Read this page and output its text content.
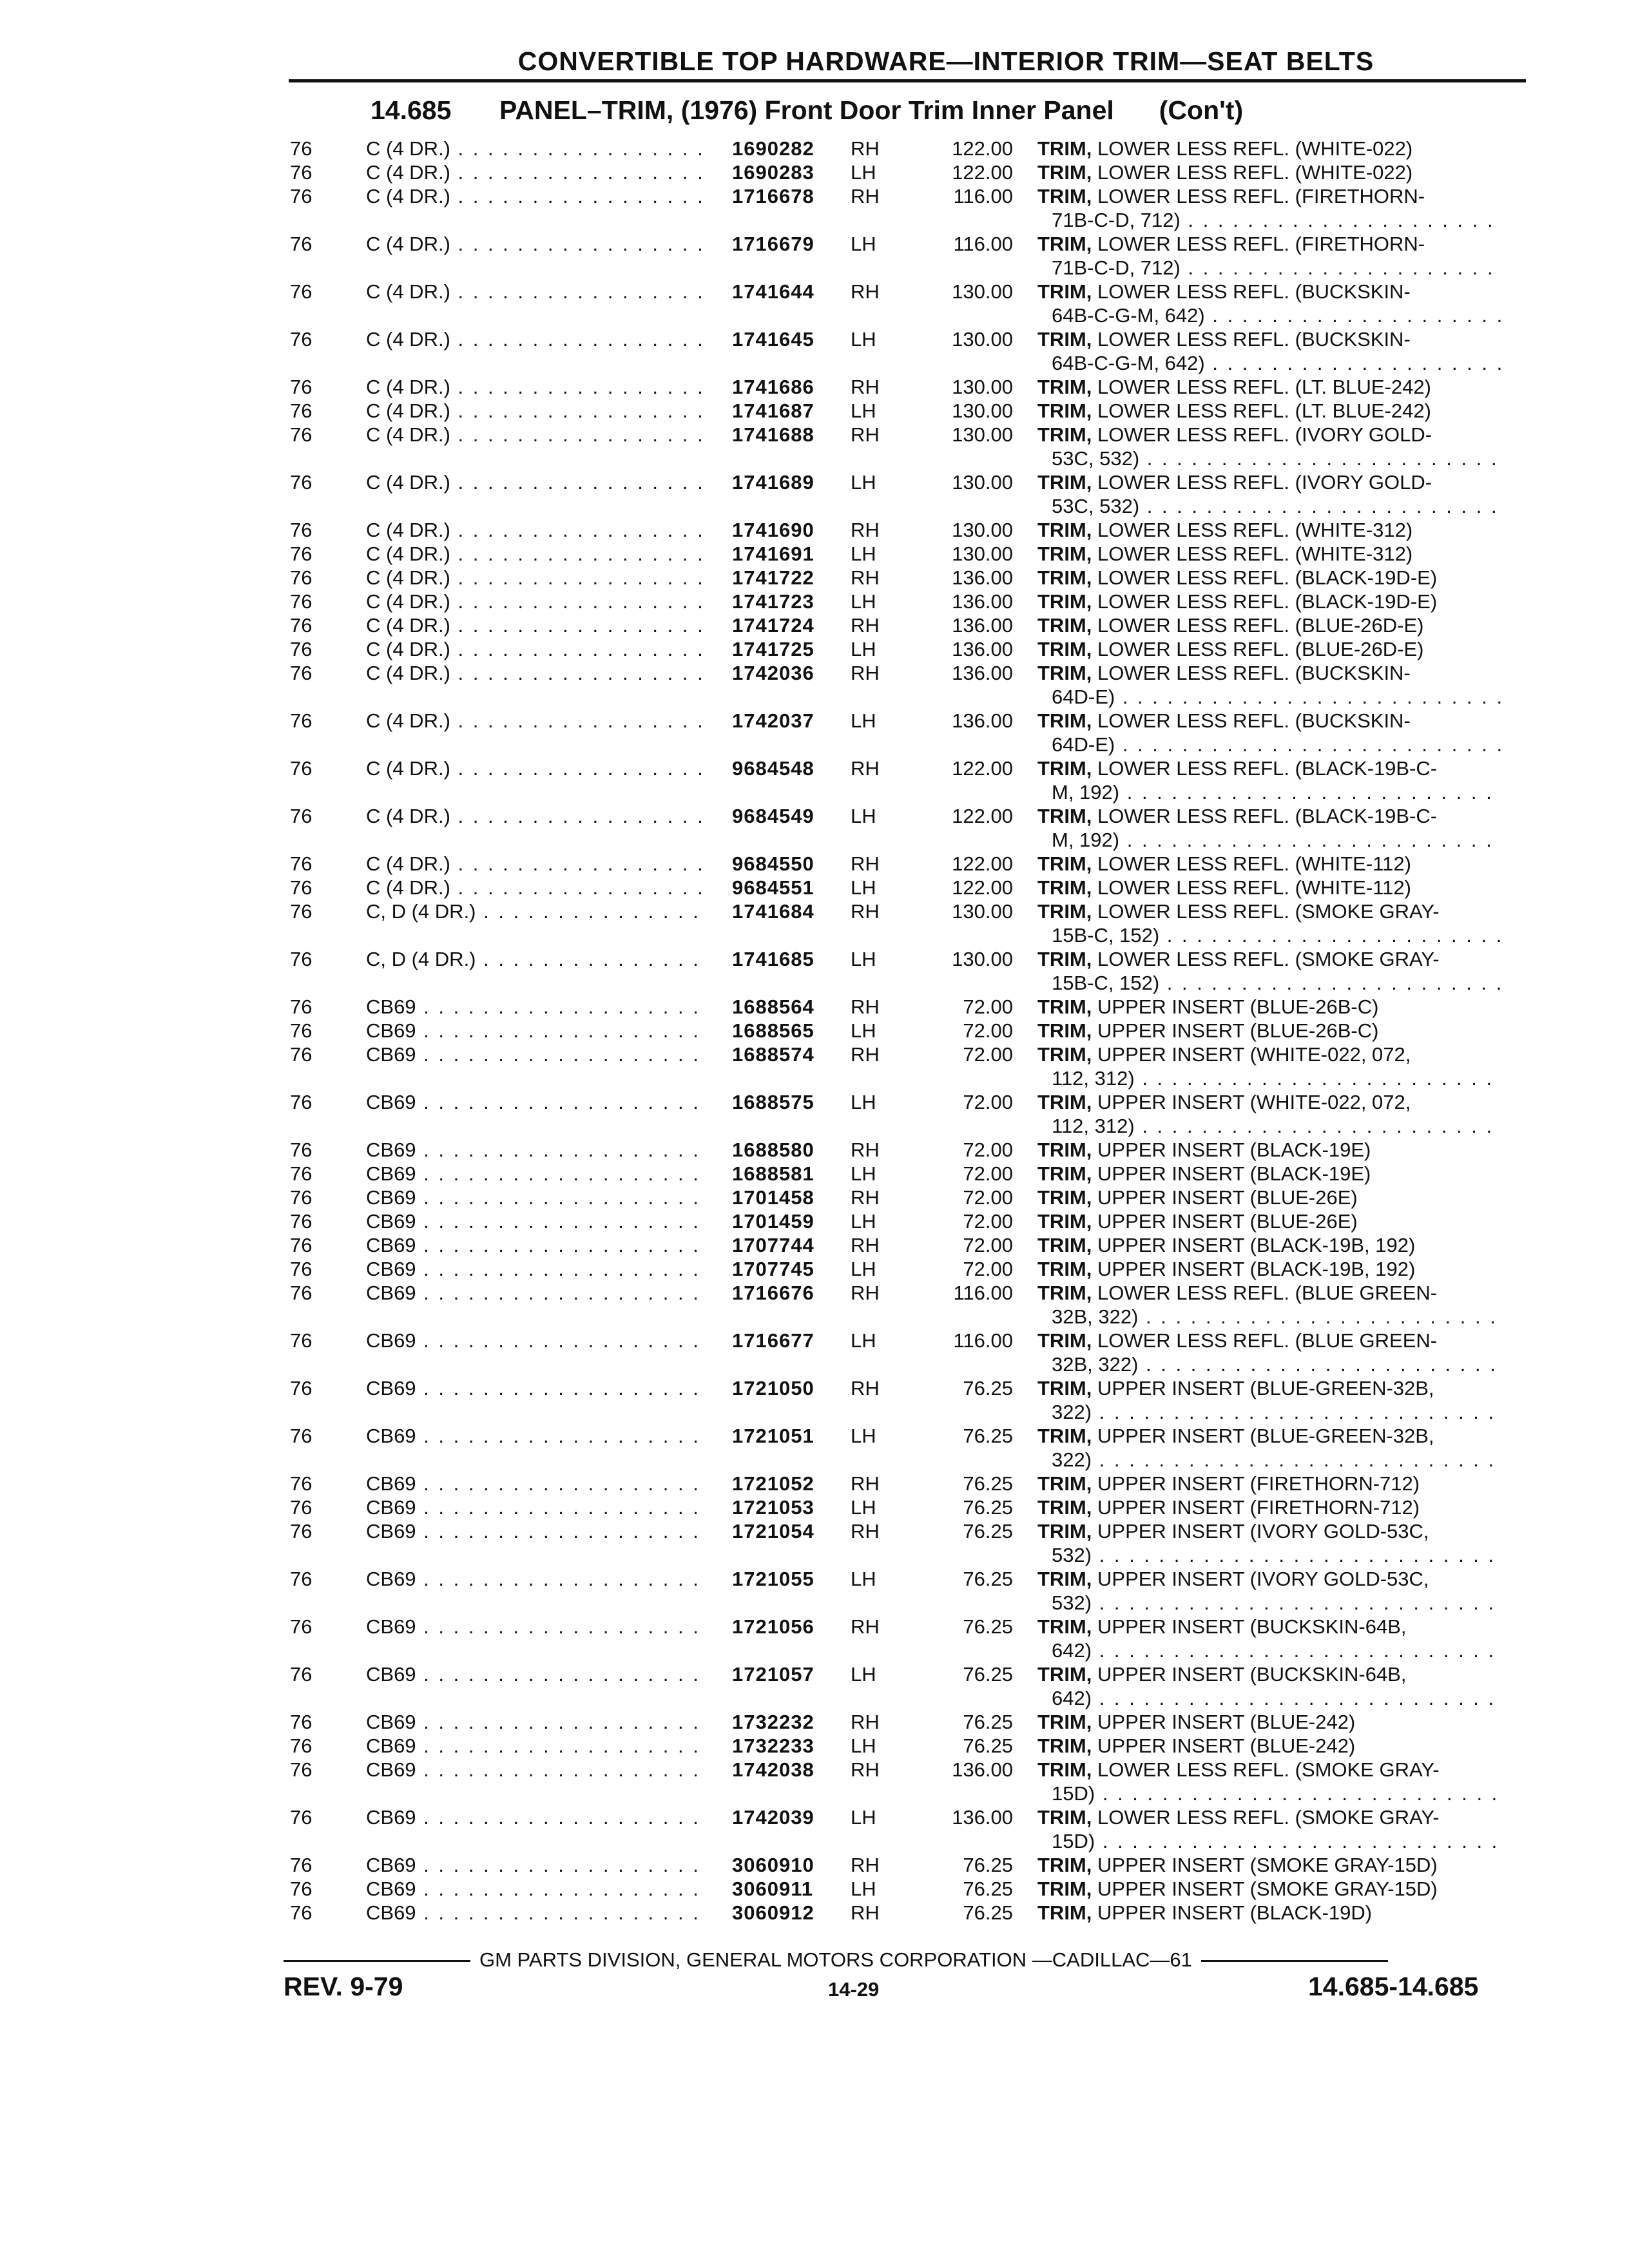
CONVERTIBLE TOP HARDWARE—INTERIOR TRIM—SEAT BELTS
14.685 PANEL–TRIM, (1976) Front Door Trim Inner Panel (Con't)
76	C (4 DR.) . . .	1690282 RH	122.00 TRIM, LOWER LESS REFL. (WHITE-022)
76	C (4 DR.) . . .	1690283 LH	122.00 TRIM, LOWER LESS REFL. (WHITE-022)
76	C (4 DR.) . . .	1716678 RH	116.00 TRIM, LOWER LESS REFL. (FIRETHORN-
71B-C-D, 712) . . .
76	C (4 DR.) . . .	1716679 LH	116.00 TRIM, LOWER LESS REFL. (FIRETHORN-
71B-C-D, 712) . . .
76	C (4 DR.) . . .	1741644 RH	130.00 TRIM, LOWER LESS REFL. (BUCKSKIN-
64B-C-G-M, 642) . . .
76	C (4 DR.) . . .	1741645 LH	130.00 TRIM, LOWER LESS REFL. (BUCKSKIN-
64B-C-G-M, 642) . . .
76	C (4 DR.) . . .	1741686 RH	130.00 TRIM, LOWER LESS REFL. (LT. BLUE-242)
76	C (4 DR.) . . .	1741687 LH	130.00 TRIM, LOWER LESS REFL. (LT. BLUE-242)
76	C (4 DR.) . . .	1741688 RH	130.00 TRIM, LOWER LESS REFL. (IVORY GOLD-
53C, 532) . . .
76	C (4 DR.) . . .	1741689 LH	130.00 TRIM, LOWER LESS REFL. (IVORY GOLD-
53C, 532) . . .
76	C (4 DR.) . . .	1741690 RH	130.00 TRIM, LOWER LESS REFL. (WHITE-312)
76	C (4 DR.) . . .	1741691 LH	130.00 TRIM, LOWER LESS REFL. (WHITE-312)
76	C (4 DR.) . . .	1741722 RH	136.00 TRIM, LOWER LESS REFL. (BLACK-19D-E)
76	C (4 DR.) . . .	1741723 LH	136.00 TRIM, LOWER LESS REFL. (BLACK-19D-E)
76	C (4 DR.) . . .	1741724 RH	136.00 TRIM, LOWER LESS REFL. (BLUE-26D-E)
76	C (4 DR.) . . .	1741725 LH	136.00 TRIM, LOWER LESS REFL. (BLUE-26D-E)
76	C (4 DR.) . . .	1742036 RH	136.00 TRIM, LOWER LESS REFL. (BUCKSKIN-
64D-E) . . .
76	C (4 DR.) . . .	1742037 LH	136.00 TRIM, LOWER LESS REFL. (BUCKSKIN-
64D-E) . . .
76	C (4 DR.) . . .	9684548 RH	122.00 TRIM, LOWER LESS REFL. (BLACK-19B-C-
M, 192) . . .
76	C (4 DR.) . . .	9684549 LH	122.00 TRIM, LOWER LESS REFL. (BLACK-19B-C-
M, 192) . . .
76	C (4 DR.) . . .	9684550 RH	122.00 TRIM, LOWER LESS REFL. (WHITE-112)
76	C (4 DR.) . . .	9684551 LH	122.00 TRIM, LOWER LESS REFL. (WHITE-112)
76	C, D (4 DR.) . . .	1741684 RH	130.00 TRIM, LOWER LESS REFL. (SMOKE GRAY-
15B-C, 152) . . .
76	C, D (4 DR.) . . .	1741685 LH	130.00 TRIM, LOWER LESS REFL. (SMOKE GRAY-
15B-C, 152) . . .
76	CB69 . . .	1688564 RH	72.00 TRIM, UPPER INSERT (BLUE-26B-C)
76	CB69 . . .	1688565 LH	72.00 TRIM, UPPER INSERT (BLUE-26B-C)
76	CB69 . . .	1688574 RH	72.00 TRIM, UPPER INSERT (WHITE-022, 072,
112, 312) . . .
76	CB69 . . .	1688575 LH	72.00 TRIM, UPPER INSERT (WHITE-022, 072,
112, 312) . . .
76	CB69 . . .	1688580 RH	72.00 TRIM, UPPER INSERT (BLACK-19E)
76	CB69 . . .	1688581 LH	72.00 TRIM, UPPER INSERT (BLACK-19E)
76	CB69 . . .	1701458 RH	72.00 TRIM, UPPER INSERT (BLUE-26E)
76	CB69 . . .	1701459 LH	72.00 TRIM, UPPER INSERT (BLUE-26E)
76	CB69 . . .	1707744 RH	72.00 TRIM, UPPER INSERT (BLACK-19B, 192)
76	CB69 . . .	1707745 LH	72.00 TRIM, UPPER INSERT (BLACK-19B, 192)
76	CB69 . . .	1716676 RH	116.00 TRIM, LOWER LESS REFL. (BLUE GREEN-
32B, 322) . . .
76	CB69 . . .	1716677 LH	116.00 TRIM, LOWER LESS REFL. (BLUE GREEN-
32B, 322) . . .
76	CB69 . . .	1721050 RH	76.25 TRIM, UPPER INSERT (BLUE-GREEN-32B,
322) . . .
76	CB69 . . .	1721051 LH	76.25 TRIM, UPPER INSERT (BLUE-GREEN-32B,
322) . . .
76	CB69 . . .	1721052 RH	76.25 TRIM, UPPER INSERT (FIRETHORN-712)
76	CB69 . . .	1721053 LH	76.25 TRIM, UPPER INSERT (FIRETHORN-712)
76	CB69 . . .	1721054 RH	76.25 TRIM, UPPER INSERT (IVORY GOLD-53C,
532) . . .
76	CB69 . . .	1721055 LH	76.25 TRIM, UPPER INSERT (IVORY GOLD-53C,
532) . . .
76	CB69 . . .	1721056 RH	76.25 TRIM, UPPER INSERT (BUCKSKIN-64B,
642) . . .
76	CB69 . . .	1721057 LH	76.25 TRIM, UPPER INSERT (BUCKSKIN-64B,
642) . . .
76	CB69 . . .	1732232 RH	76.25 TRIM, UPPER INSERT (BLUE-242)
76	CB69 . . .	1732233 LH	76.25 TRIM, UPPER INSERT (BLUE-242)
76	CB69 . . .	1742038 RH	136.00 TRIM, LOWER LESS REFL. (SMOKE GRAY-
15D) . . .
76	CB69 . . .	1742039 LH	136.00 TRIM, LOWER LESS REFL. (SMOKE GRAY-
15D) . . .
76	CB69 . . .	3060910 RH	76.25 TRIM, UPPER INSERT (SMOKE GRAY-15D)
76	CB69 . . .	3060911 LH	76.25 TRIM, UPPER INSERT (SMOKE GRAY-15D)
76	CB69 . . .	3060912 RH	76.25 TRIM, UPPER INSERT (BLACK-19D)
GM PARTS DIVISION, GENERAL MOTORS CORPORATION —CADILLAC—61
REV. 9-79	14-29	14.685-14.685
